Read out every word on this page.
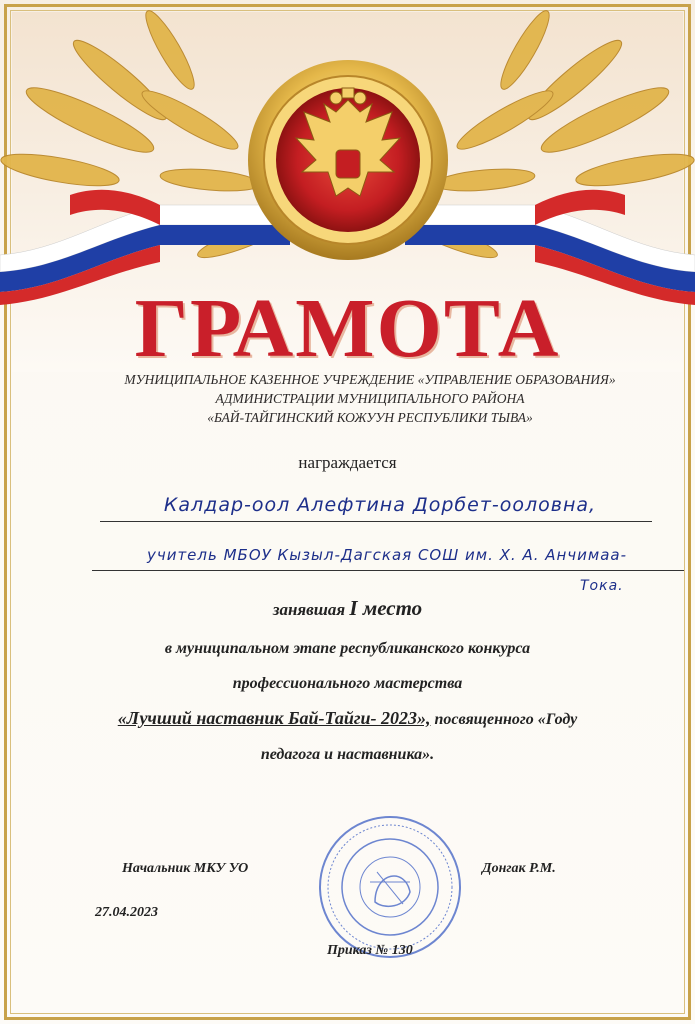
ГРАМОТА
МУНИЦИПАЛЬНОЕ КАЗЕННОЕ УЧРЕЖДЕНИЕ «УПРАВЛЕНИЕ ОБРАЗОВАНИЯ»
АДМИНИСТРАЦИИ МУНИЦИПАЛЬНОГО РАЙОНА
«БАЙ-ТАЙГИНСКИЙ КОЖУУН РЕСПУБЛИКИ ТЫВА»
награждается
Калдар-оол Алефтина Дорбет-ооловна,
учитель МБОУ Кызыл-Дагская СОШ им. Х. А. Анчимаа-
Тока.
занявшая I место
в муниципальном этапе республиканского конкурса
профессионального мастерства
«Лучший наставник Бай-Тайги- 2023», посвященного «Году
педагога и наставника».
Начальник МКУ УО	Донгак Р.М.
27.04.2023
Приказ № 130
